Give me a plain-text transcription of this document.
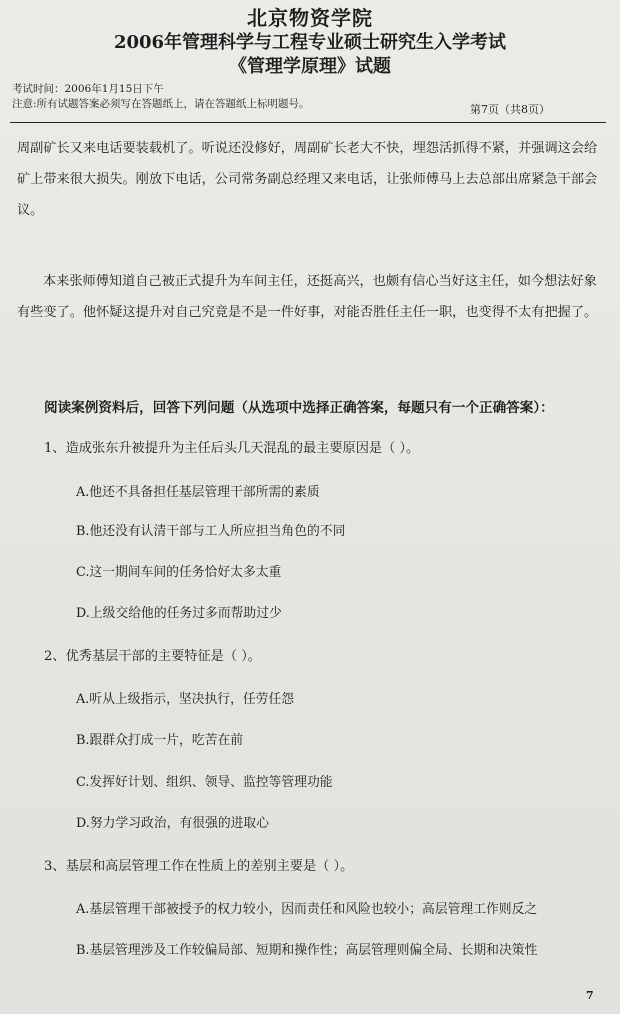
北京物资学院
2006年管理科学与工程专业硕士研究生入学考试
《管理学原理》试题
考试时间：2006年1月15日下午
注意:所有试题答案必须写在答题纸上，请在答题纸上标明题号。	第7页（共8页）

周副矿长又来电话要装载机了。听说还没修好，周副矿长老大不快，埋怨活抓得不紧，并强调这会给矿上带来很大损失。刚放下电话，公司常务副总经理又来电话，让张师傅马上去总部出席紧急干部会议。

本来张师傅知道自己被正式提升为车间主任，还挺高兴，也颇有信心当好这主任，如今想法好象有些变了。他怀疑这提升对自己究竟是不是一件好事，对能否胜任主任一职，也变得不太有把握了。

阅读案例资料后，回答下列问题（从选项中选择正确答案，每题只有一个正确答案）：
1、造成张东升被提升为主任后头几天混乱的最主要原因是（ ）。
A.他还不具备担任基层管理干部所需的素质
B.他还没有认清干部与工人所应担当角色的不同
C.这一期间车间的任务恰好太多太重
D.上级交给他的任务过多而帮助过少
2、优秀基层干部的主要特征是（ ）。
A.听从上级指示，坚决执行，任劳任怨
B.跟群众打成一片，吃苦在前
C.发挥好计划、组织、领导、监控等管理功能
D.努力学习政治，有很强的进取心
3、基层和高层管理工作在性质上的差别主要是（ ）。
A.基层管理干部被授予的权力较小，因而责任和风险也较小；高层管理工作则反之
B.基层管理涉及工作较偏局部、短期和操作性；高层管理则偏全局、长期和决策性
7
